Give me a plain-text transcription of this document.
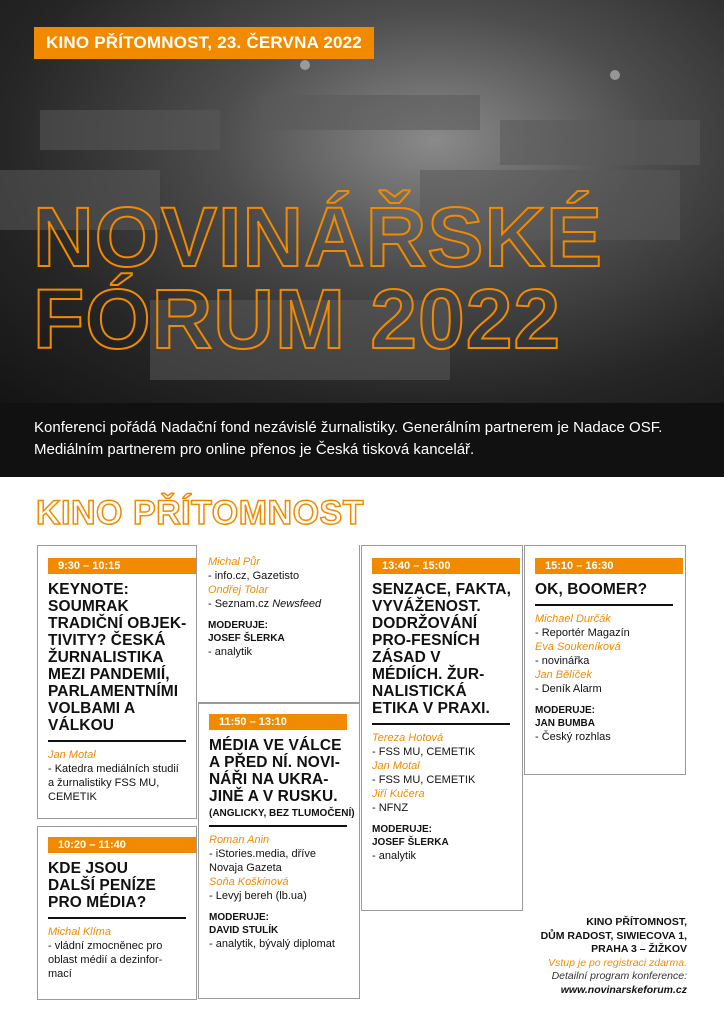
KINO PŘÍTOMNOST, 23. ČERVNA 2022
NOVINÁŘSKÉ
FÓRUM 2022

Konferenci pořádá Nadační fond nezávislé žurnalistiky. Generálním partnerem je Nadace OSF. Mediálním partnerem pro online přenos je Česká tisková kancelář.

KINO PŘÍTOMNOST
9:30 – 10:15
KEYNOTE: SOUMRAK TRADIČNÍ OBJEK-TIVITY? ČESKÁ ŽURNALISTIKA MEZI PANDEMIÍ, PARLAMENTNÍMI VOLBAMI A VÁLKOU
Jan Motal
- Katedra mediálních studií a žurnalistiky FSS MU, CEMETIK
10:20 – 11:40
KDE JSOU DALŠÍ PENÍZE PRO MÉDIA?
Michal Klíma
- vládní zmocněnec pro oblast médií a dezinfor-mací
Michal Půr
- info.cz, Gazetisto
Ondřej Tolar
- Seznam.cz Newsfeed
MODERUJE:
JOSEF ŠLERKA
- analytik
11:50 – 13:10
MÉDIA VE VÁLCE A PŘED NÍ. NOVI-NÁŘI NA UKRA-JINĚ A V RUSKU.
(ANGLICKY, BEZ TLUMOČENÍ)
Roman Anin
- iStories.media, dříve Novaja Gazeta
Soňa Koškinová
- Levyj bereh (lb.ua)
MODERUJE:
DAVID STULÍK
- analytik, bývalý diplomat
13:40 – 15:00
SENZACE, FAKTA, VYVÁŽENOST. DODRŽOVÁNÍ PRO-FESNÍCH ZÁSAD V MÉDIÍCH. ŽUR-NALISTICKÁ ETIKA V PRAXI.
Tereza Hotová
- FSS MU, CEMETIK
Jan Motal
- FSS MU, CEMETIK
Jiří Kučera
- NFNZ
MODERUJE:
JOSEF ŠLERKA
- analytik
15:10 – 16:30
OK, BOOMER?
Michael Durčák
- Reportér Magazín
Eva Soukeníková
- novinářka
Jan Bělíček
- Deník Alarm
MODERUJE:
JAN BUMBA
- Český rozhlas
KINO PŘÍTOMNOST,
DŮM RADOST, SIWIECOVA 1,
PRAHA 3 – ŽIŽKOV
Vstup je po registraci zdarma.
Detailní program konference:
www.novinarskeforum.cz
